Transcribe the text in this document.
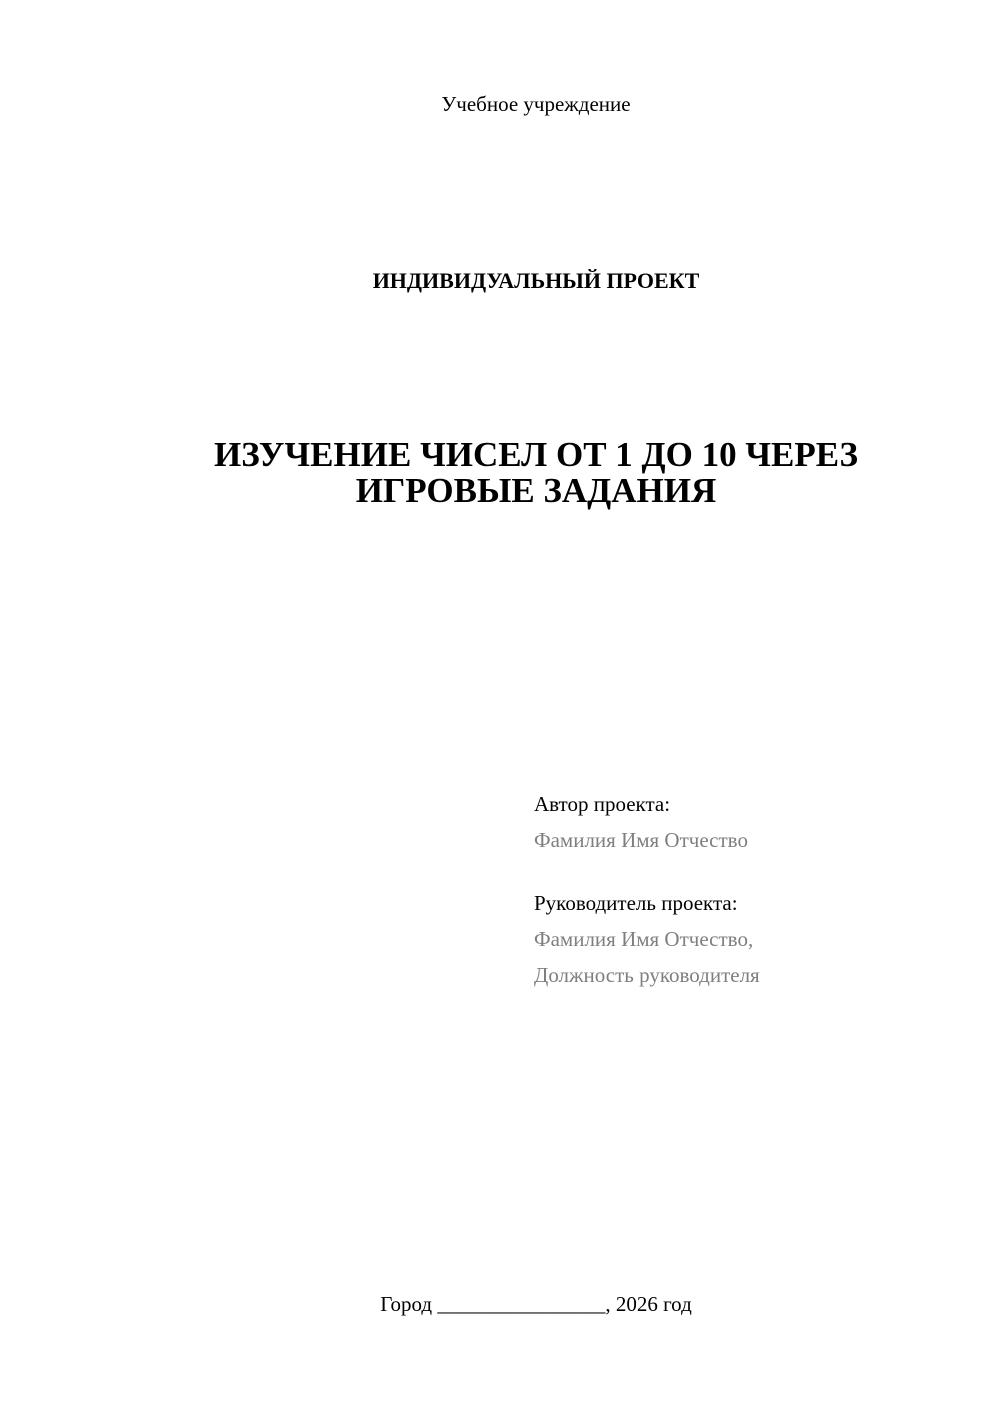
Учебное учреждение
ИНДИВИДУАЛЬНЫЙ ПРОЕКТ
ИЗУЧЕНИЕ ЧИСЕЛ ОТ 1 ДО 10 ЧЕРЕЗ
ИГРОВЫЕ ЗАДАНИЯ
Автор проекта:
Фамилия Имя Отчество
Руководитель проекта:
Фамилия Имя Отчество,
Должность руководителя
Город ________________, 2026 год
